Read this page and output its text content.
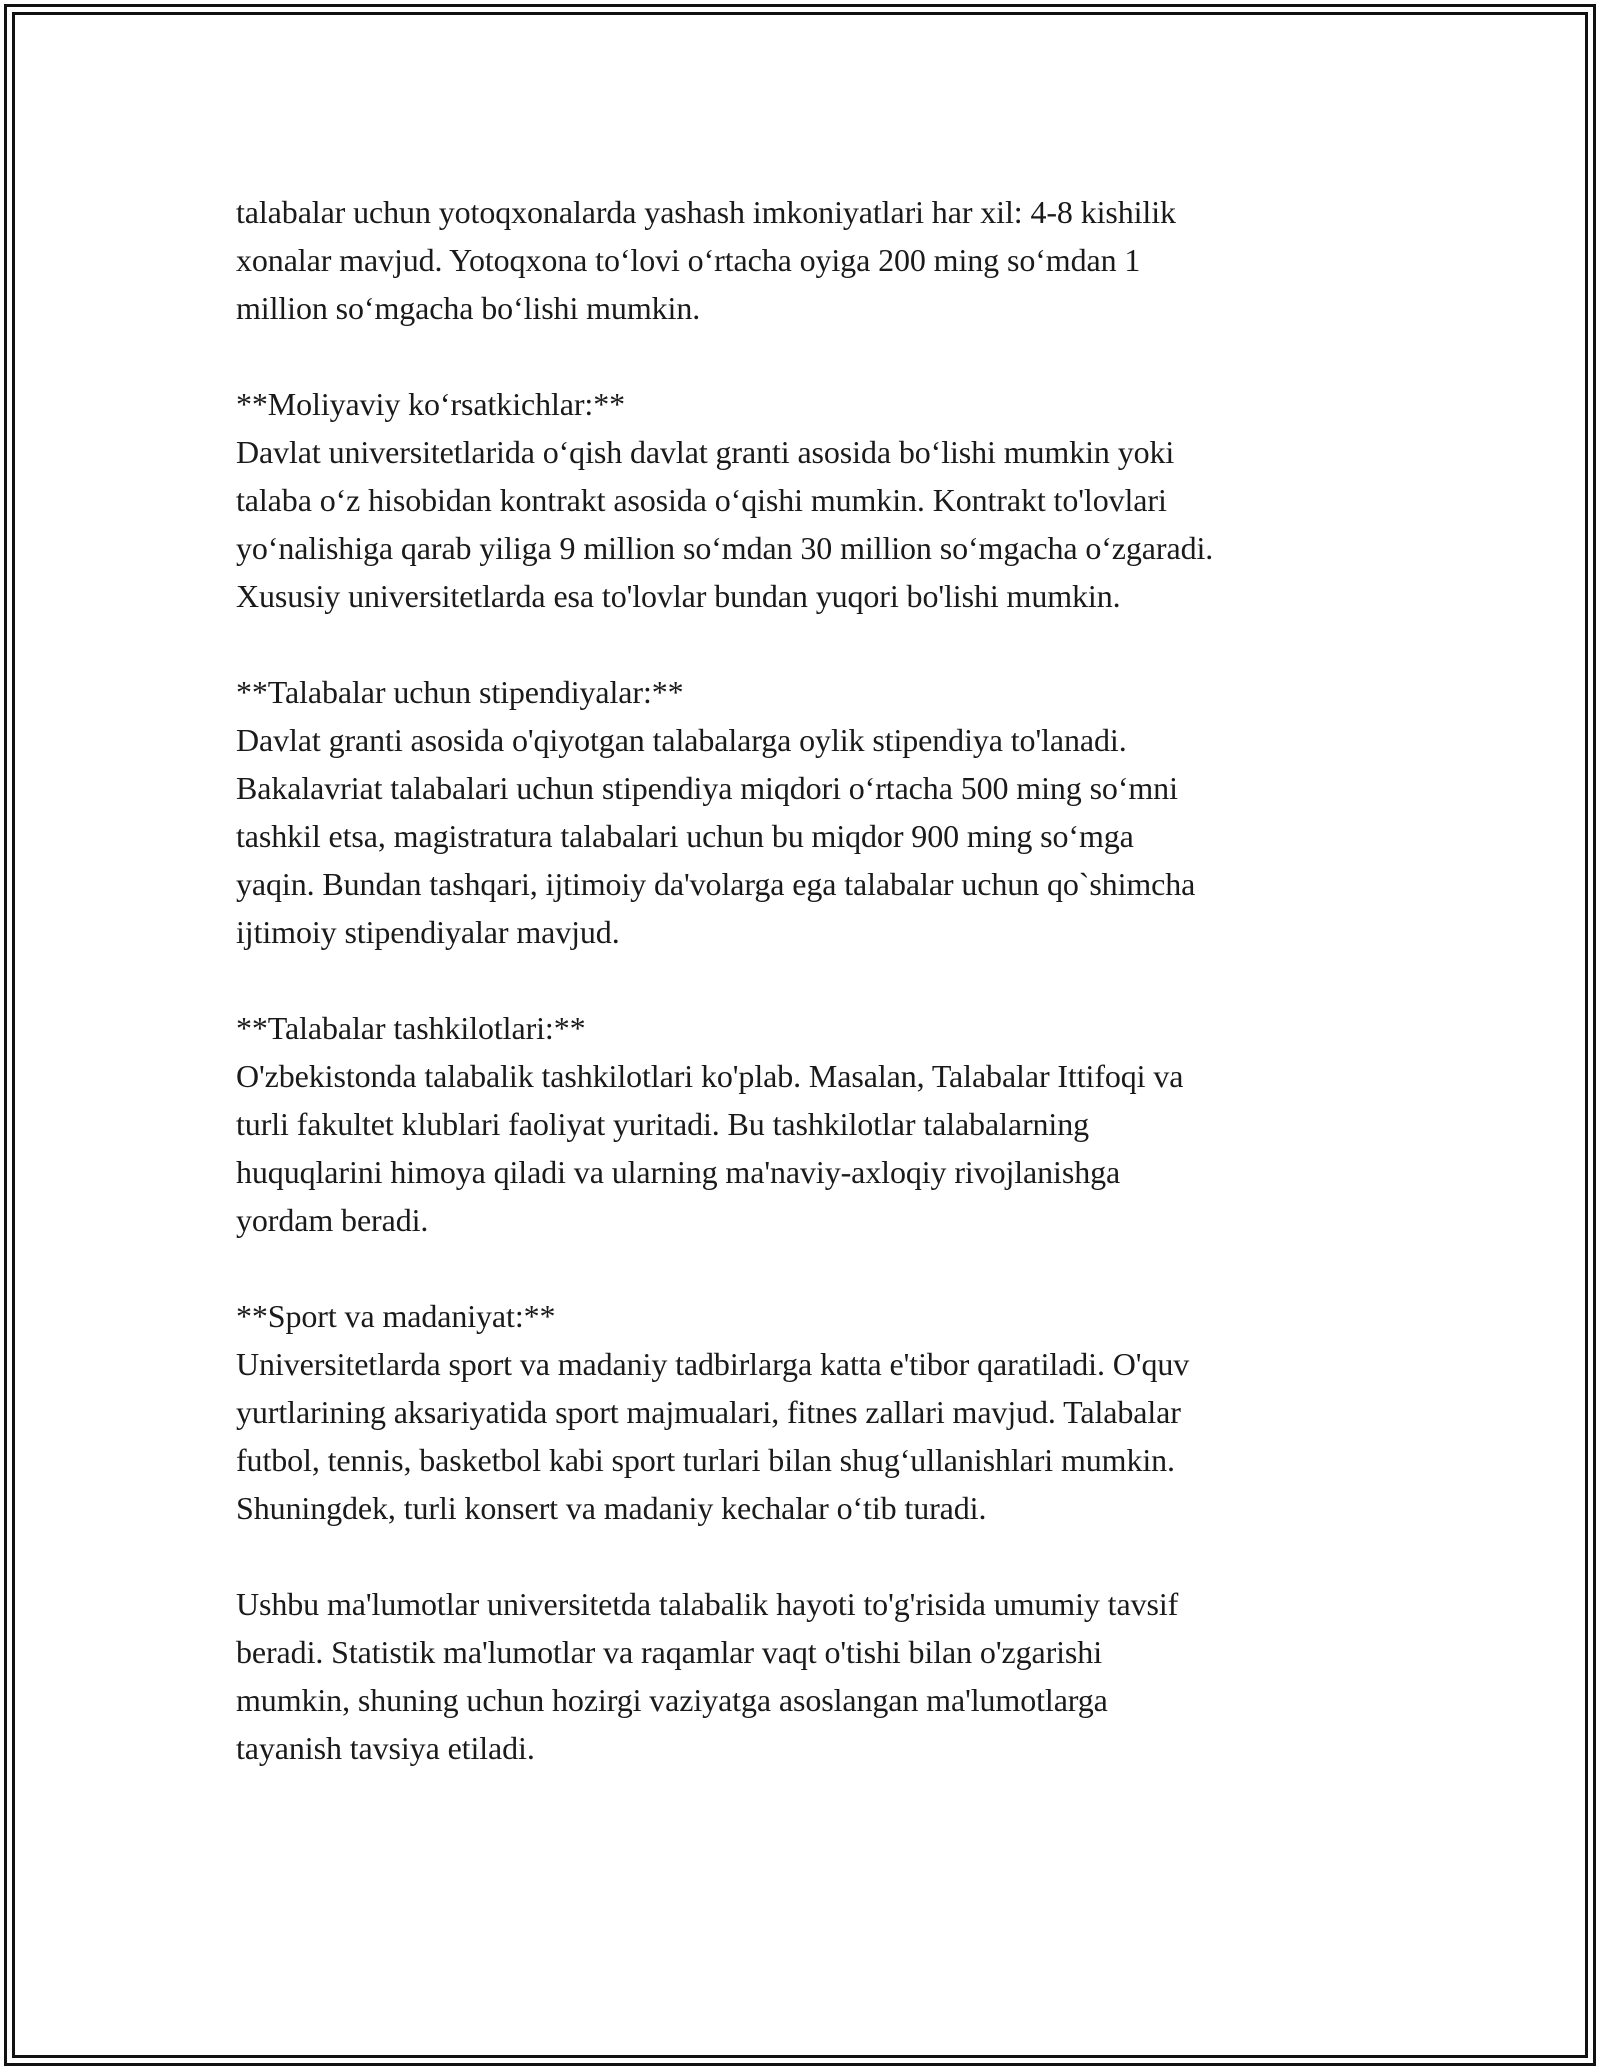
talabalar uchun yotoqxonalarda yashash imkoniyatlari har xil: 4-8 kishilik
xonalar mavjud. Yotoqxona to‘lovi o‘rtacha oyiga 200 ming so‘mdan 1
million so‘mgacha bo‘lishi mumkin.

**Moliyaviy ko‘rsatkichlar:**
Davlat universitetlarida o‘qish davlat granti asosida bo‘lishi mumkin yoki
talaba o‘z hisobidan kontrakt asosida o‘qishi mumkin. Kontrakt to'lovlari
yo‘nalishiga qarab yiliga 9 million so‘mdan 30 million so‘mgacha o‘zgaradi.
Xususiy universitetlarda esa to'lovlar bundan yuqori bo'lishi mumkin.

**Talabalar uchun stipendiyalar:**
Davlat granti asosida o'qiyotgan talabalarga oylik stipendiya to'lanadi.
Bakalavriat talabalari uchun stipendiya miqdori o‘rtacha 500 ming so‘mni
tashkil etsa, magistratura talabalari uchun bu miqdor 900 ming so‘mga
yaqin. Bundan tashqari, ijtimoiy da'volarga ega talabalar uchun qo`shimcha
ijtimoiy stipendiyalar mavjud.

**Talabalar tashkilotlari:**
O'zbekistonda talabalik tashkilotlari ko'plab. Masalan, Talabalar Ittifoqi va
turli fakultet klublari faoliyat yuritadi. Bu tashkilotlar talabalarning
huquqlarini himoya qiladi va ularning ma'naviy-axloqiy rivojlanishga
yordam beradi.

**Sport va madaniyat:**
Universitetlarda sport va madaniy tadbirlarga katta e'tibor qaratiladi. O'quv
yurtlarining aksariyatida sport majmualari, fitnes zallari mavjud. Talabalar
futbol, tennis, basketbol kabi sport turlari bilan shug‘ullanishlari mumkin.
Shuningdek, turli konsert va madaniy kechalar o‘tib turadi.

Ushbu ma'lumotlar universitetda talabalik hayoti to'g'risida umumiy tavsif
beradi. Statistik ma'lumotlar va raqamlar vaqt o'tishi bilan o'zgarishi
mumkin, shuning uchun hozirgi vaziyatga asoslangan ma'lumotlarga
tayanish tavsiya etiladi.
